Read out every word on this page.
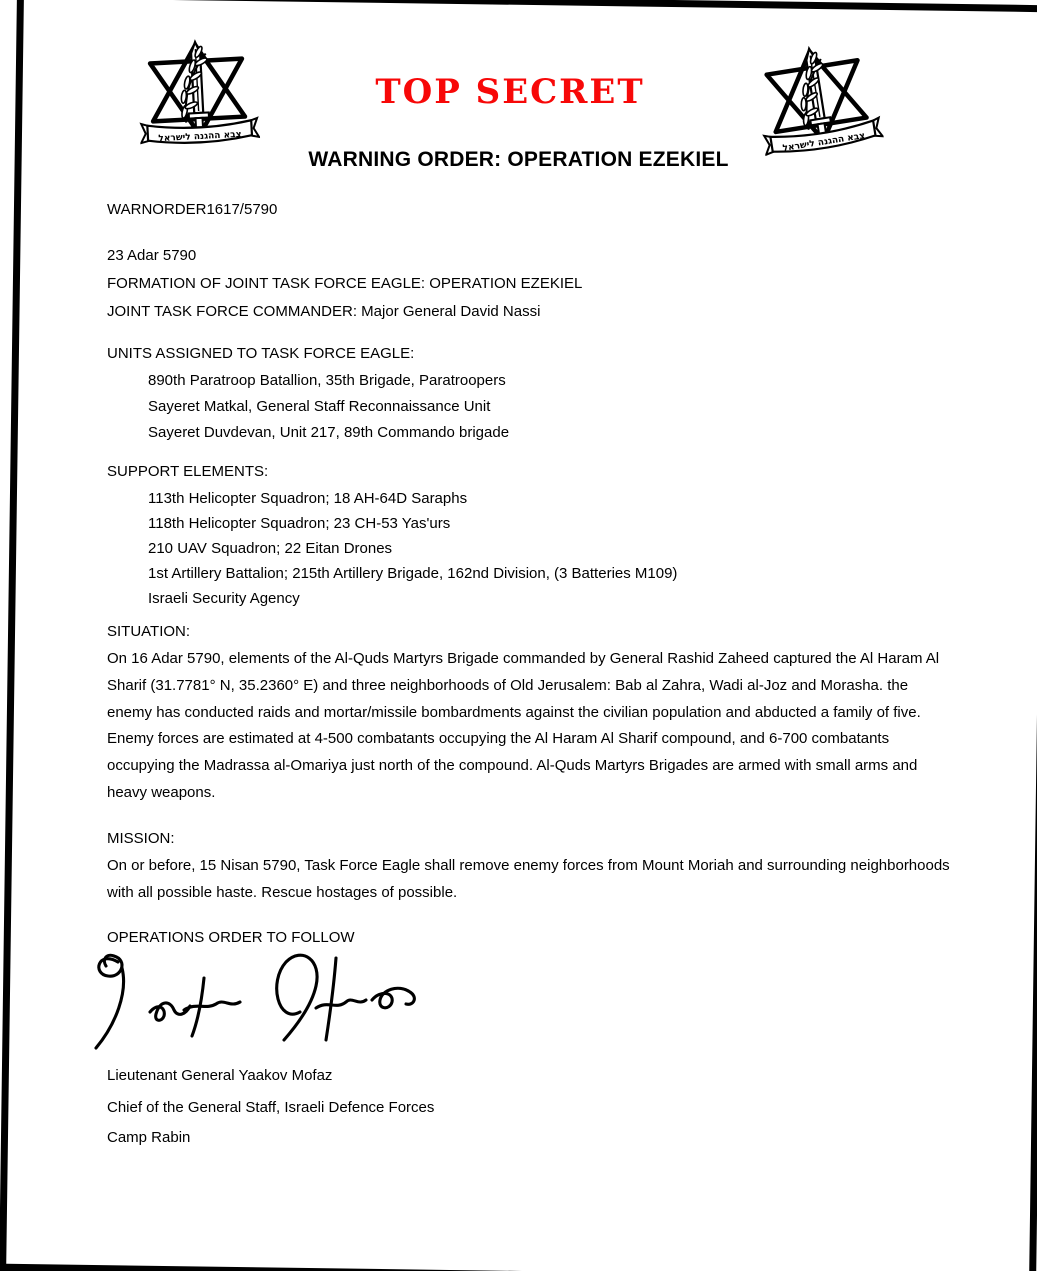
TOP SECRET
WARNING ORDER: OPERATION EZEKIEL
WARNORDER1617/5790
23 Adar 5790
FORMATION OF JOINT TASK FORCE EAGLE: OPERATION EZEKIEL
JOINT TASK FORCE COMMANDER: Major General David Nassi
UNITS ASSIGNED TO TASK FORCE EAGLE:
890th Paratroop Batallion, 35th Brigade, Paratroopers
Sayeret Matkal, General Staff Reconnaissance Unit
Sayeret Duvdevan, Unit 217, 89th Commando brigade
SUPPORT ELEMENTS:
113th Helicopter Squadron; 18 AH-64D Saraphs
118th Helicopter Squadron; 23 CH-53 Yas'urs
210 UAV Squadron; 22 Eitan Drones
1st Artillery Battalion; 215th Artillery Brigade, 162nd Division, (3 Batteries M109)
Israeli Security Agency
SITUATION:
On 16 Adar 5790, elements of the Al-Quds Martyrs Brigade commanded by General Rashid Zaheed captured the Al Haram Al Sharif (31.7781° N, 35.2360° E) and three neighborhoods of Old Jerusalem: Bab al Zahra, Wadi al-Joz and Morasha. the enemy has conducted raids and mortar/missile bombardments against the civilian population and abducted a family of five. Enemy forces are estimated at 4-500 combatants occupying the Al Haram Al Sharif compound, and 6-700 combatants occupying the Madrassa al-Omariya just north of the compound. Al-Quds Martyrs Brigades are armed with small arms and heavy weapons.
MISSION:
On or before, 15 Nisan 5790, Task Force Eagle shall remove enemy forces from Mount Moriah and surrounding neighborhoods with all possible haste. Rescue hostages of possible.
OPERATIONS ORDER TO FOLLOW
Lieutenant General Yaakov Mofaz
Chief of the General Staff, Israeli Defence Forces
Camp Rabin
